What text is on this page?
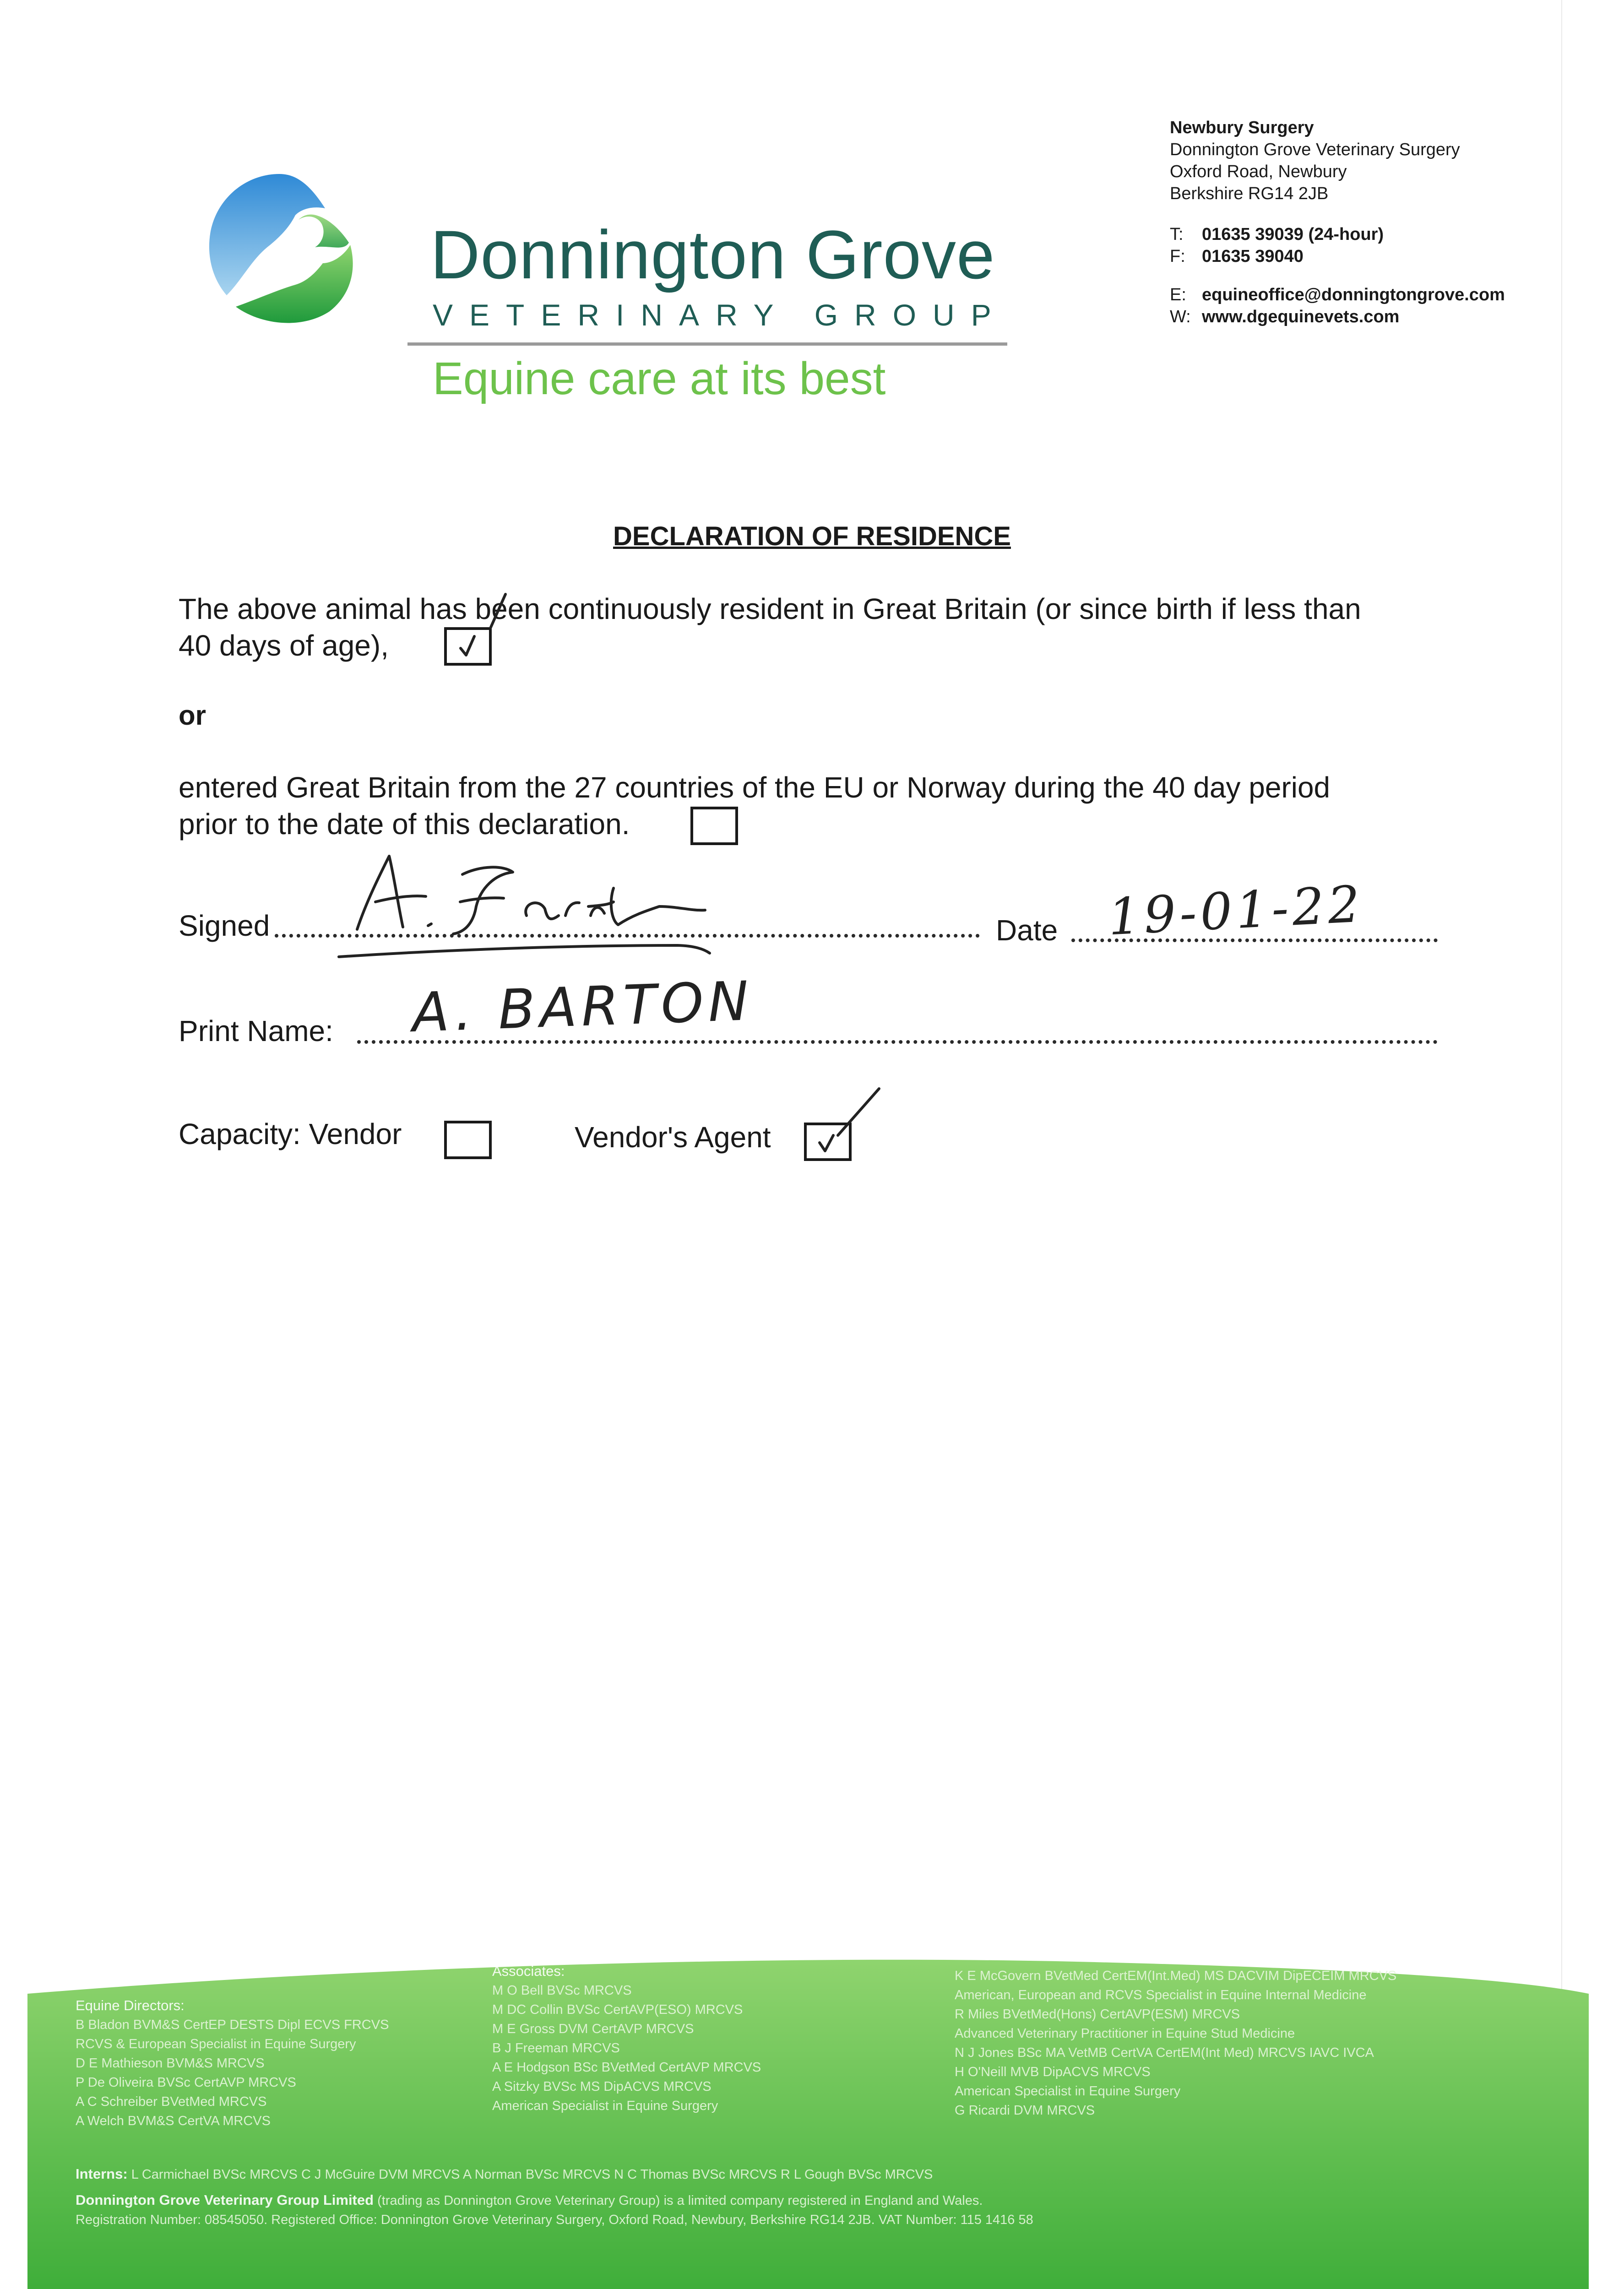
Donnington Grove
VETERINARY GROUP
Equine care at its best
Newbury Surgery
Donnington Grove Veterinary Surgery
Oxford Road, Newbury
Berkshire RG14 2JB
T: 01635 39039 (24-hour)
F: 01635 39040
E: equineoffice@donningtongrove.com
W: www.dgequinevets.com
DECLARATION OF RESIDENCE
The above animal has been continuously resident in Great Britain (or since birth if less than
40 days of age),
or
entered Great Britain from the 27 countries of the EU or Norway during the 40 day period
prior to the date of this declaration.
Signed	Date 19-01-22
Print Name: A. BARTON
Capacity: Vendor	Vendor's Agent
Equine Directors:
B Bladon BVM&S CertEP DESTS Dipl ECVS FRCVS
RCVS & European Specialist in Equine Surgery
D E Mathieson BVM&S MRCVS
P De Oliveira BVSc CertAVP MRCVS
A C Schreiber BVetMed MRCVS
A Welch BVM&S CertVA MRCVS
Associates:
M O Bell BVSc MRCVS
M DC Collin BVSc CertAVP(ESO) MRCVS
M E Gross DVM CertAVP MRCVS
B J Freeman MRCVS
A E Hodgson BSc BVetMed CertAVP MRCVS
A Sitzky BVSc MS DipACVS MRCVS
American Specialist in Equine Surgery
K E McGovern BVetMed CertEM(Int.Med) MS DACVIM DipECEIM MRCVS
American, European and RCVS Specialist in Equine Internal Medicine
R Miles BVetMed(Hons) CertAVP(ESM) MRCVS
Advanced Veterinary Practitioner in Equine Stud Medicine
N J Jones BSc MA VetMB CertVA CertEM(Int Med) MRCVS IAVC IVCA
H O'Neill MVB DipACVS MRCVS
American Specialist in Equine Surgery
G Ricardi DVM MRCVS
Interns: L Carmichael BVSc MRCVS C J McGuire DVM MRCVS A Norman BVSc MRCVS N C Thomas BVSc MRCVS R L Gough BVSc MRCVS
Donnington Grove Veterinary Group Limited (trading as Donnington Grove Veterinary Group) is a limited company registered in England and Wales.
Registration Number: 08545050. Registered Office: Donnington Grove Veterinary Surgery, Oxford Road, Newbury, Berkshire RG14 2JB. VAT Number: 115 1416 58
